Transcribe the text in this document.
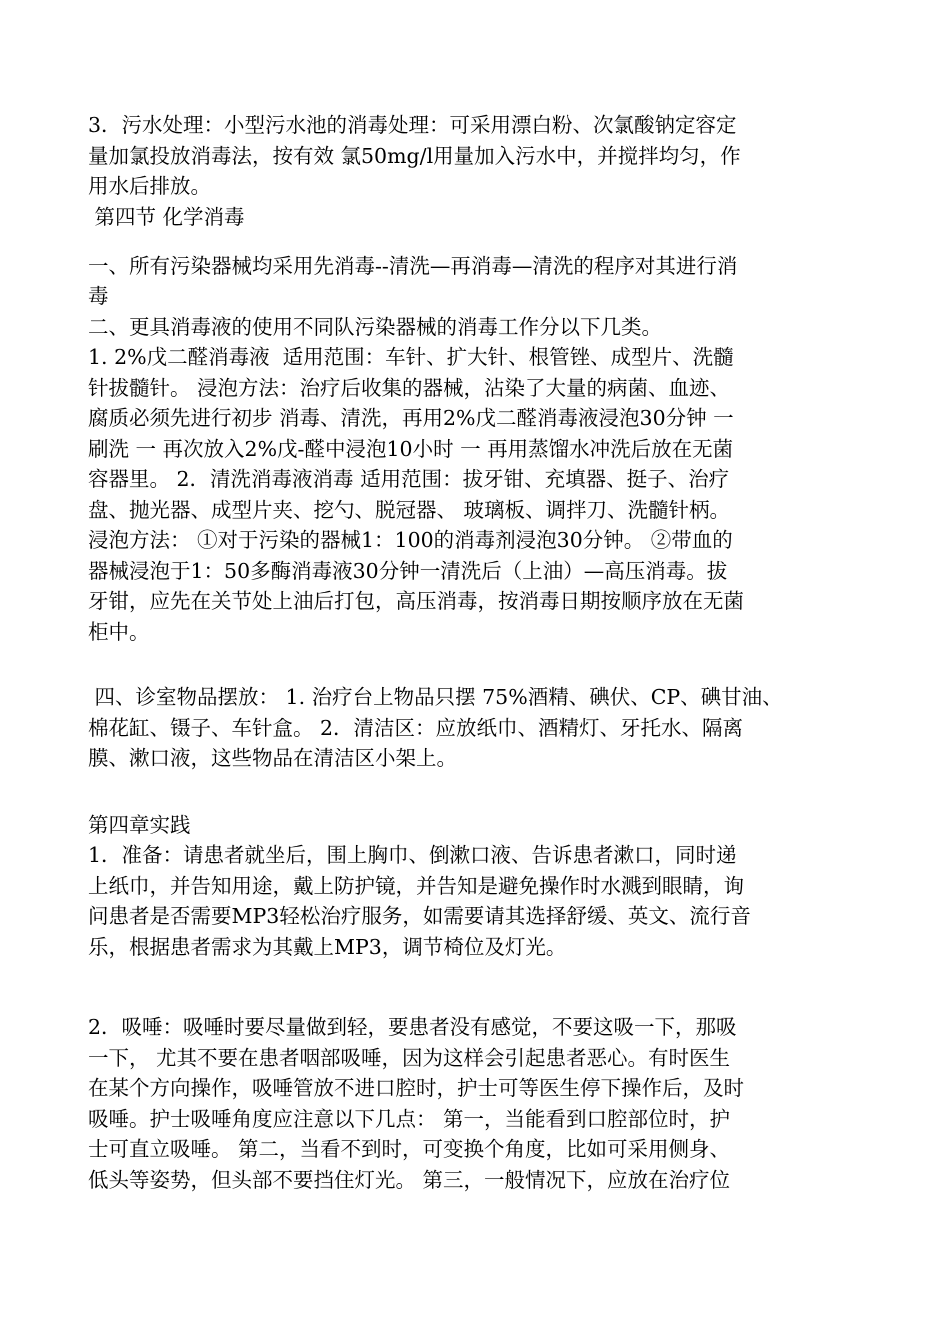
3．污水处理：小型污水池的消毒处理：可采用漂白粉、次氯酸钠定容定
量加氯投放消毒法，按有效 氯50mg/l用量加入污水中，并搅拌均匀，作
用水后排放。
第四节 化学消毒
一、所有污染器械均采用先消毒--清洗—再消毒—清洗的程序对其进行消
毒
二、更具消毒液的使用不同队污染器械的消毒工作分以下几类。
1. 2%戊二醛消毒液  适用范围：车针、扩大针、根管锉、成型片、洗髓
针拔髓针。 浸泡方法：治疗后收集的器械，沾染了大量的病菌、血迹、
腐质必须先进行初步 消毒、清洗，再用2%戊二醛消毒液浸泡30分钟 一
刷洗 一 再次放入2%戊-醛中浸泡10小时 一 再用蒸馏水冲洗后放在无菌
容器里。 2．清洗消毒液消毒 适用范围：拔牙钳、充填器、挺子、治疗
盘、抛光器、成型片夹、挖勺、脱冠器、 玻璃板、调拌刀、洗髓针柄。
浸泡方法： ①对于污染的器械1：100的消毒剂浸泡30分钟。 ②带血的
器械浸泡于1：50多酶消毒液30分钟一清洗后（上油）—高压消毒。拔
牙钳，应先在关节处上油后打包，高压消毒，按消毒日期按顺序放在无菌
柜中。
四、诊室物品摆放： 1. 治疗台上物品只摆 75%酒精、碘伏、CP、碘甘油、
棉花缸、镊子、车针盒。 2．清洁区：应放纸巾、酒精灯、牙托水、隔离
膜、漱口液，这些物品在清洁区小架上。
第四章实践
1．准备：请患者就坐后，围上胸巾、倒漱口液、告诉患者漱口，同时递
上纸巾，并告知用途，戴上防护镜，并告知是避免操作时水溅到眼睛，询
问患者是否需要MP3轻松治疗服务，如需要请其选择舒缓、英文、流行音
乐，根据患者需求为其戴上MP3，调节椅位及灯光。
2．吸唾：吸唾时要尽量做到轻，要患者没有感觉，不要这吸一下，那吸
一下， 尤其不要在患者咽部吸唾，因为这样会引起患者恶心。有时医生
在某个方向操作，吸唾管放不进口腔时，护士可等医生停下操作后，及时
吸唾。护士吸唾角度应注意以下几点： 第一，当能看到口腔部位时，护
士可直立吸唾。 第二，当看不到时，可变换个角度，比如可采用侧身、
低头等姿势，但头部不要挡住灯光。 第三，一般情况下，应放在治疗位
